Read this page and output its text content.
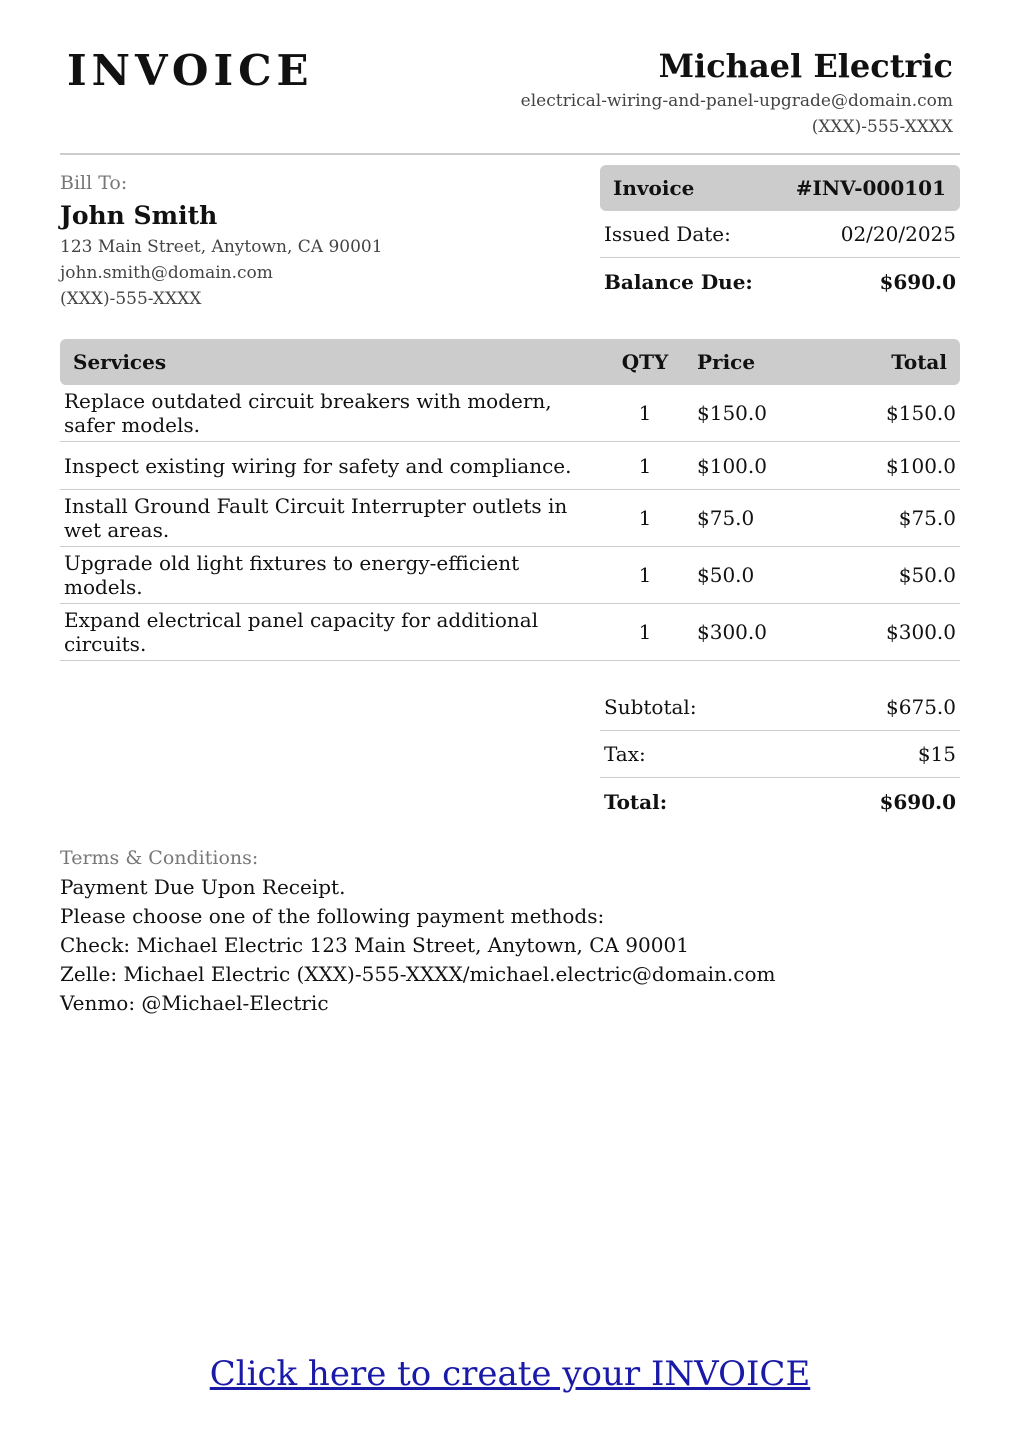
INVOICE	Michael Electric
electrical-wiring-and-panel-upgrade@domain.com
(XXX)-555-XXXX
Bill To:
John Smith
123 Main Street, Anytown, CA 90001
john.smith@domain.com
(XXX)-555-XXXX
Invoice	#INV-000101
Issued Date:	02/20/2025
Balance Due:	$690.0
Services	QTY	Price	Total
Replace outdated circuit breakers with modern, safer models.	1	$150.0	$150.0
Inspect existing wiring for safety and compliance.	1	$100.0	$100.0
Install Ground Fault Circuit Interrupter outlets in wet areas.	1	$75.0	$75.0
Upgrade old light fixtures to energy-efficient models.	1	$50.0	$50.0
Expand electrical panel capacity for additional circuits.	1	$300.0	$300.0
Subtotal:	$675.0
Tax:	$15
Total:	$690.0
Terms & Conditions:
Payment Due Upon Receipt.
Please choose one of the following payment methods:
Check: Michael Electric 123 Main Street, Anytown, CA 90001
Zelle: Michael Electric (XXX)-555-XXXX/michael.electric@domain.com
Venmo: @Michael-Electric
Click here to create your INVOICE
